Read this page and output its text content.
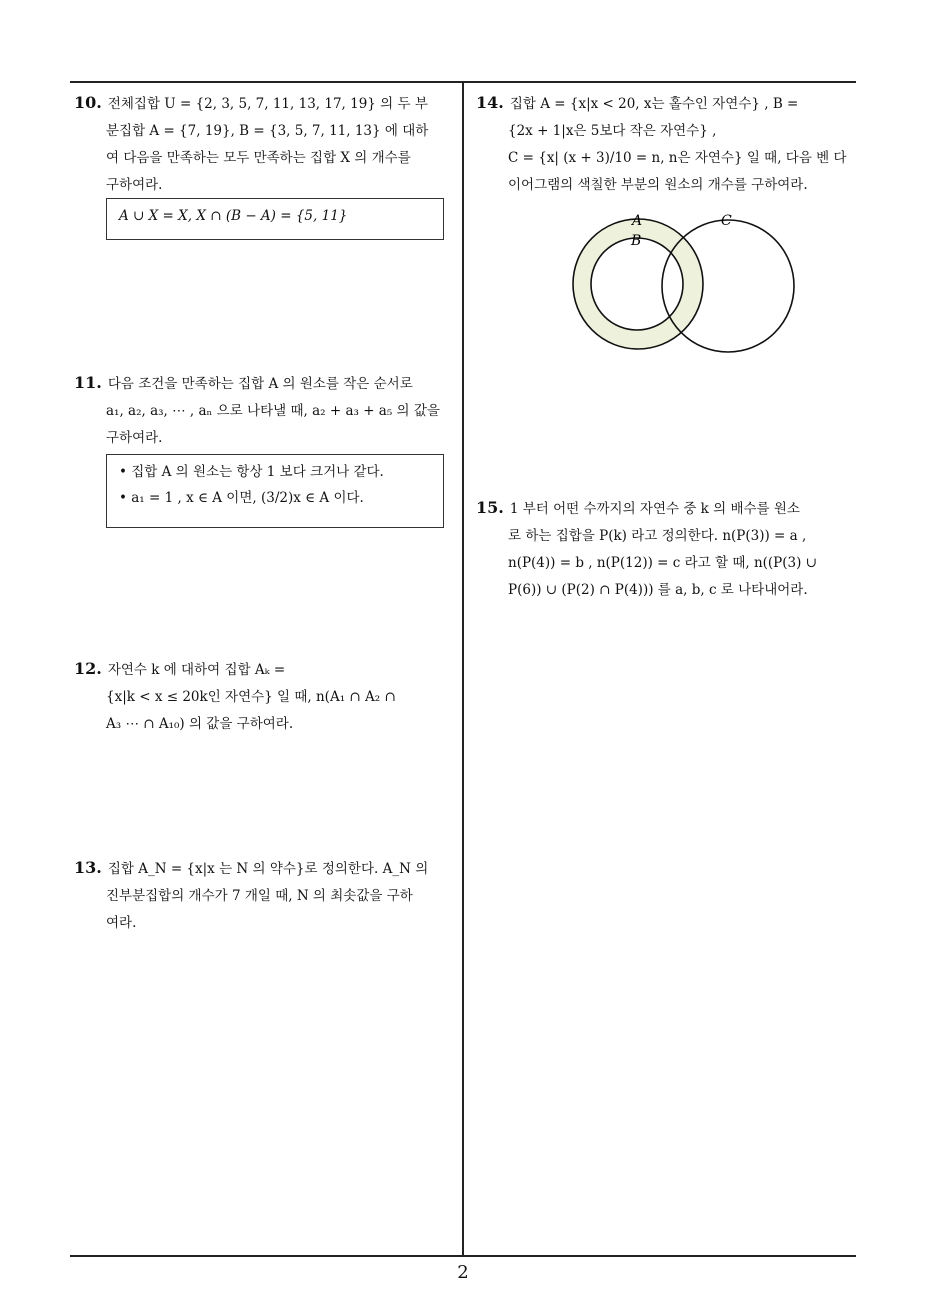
10. 전체집합 U = {2, 3, 5, 7, 11, 13, 17, 19} 의 두 부
분집합 A = {7, 19}, B = {3, 5, 7, 11, 13} 에 대하
여 다음을 만족하는 모두 만족하는 집합 X 의 개수를
구하여라.
A ∪ X = X, X ∩ (B − A) = {5, 11}
11. 다음 조건을 만족하는 집합 A 의 원소를 작은 순서로
a₁, a₂, a₃, ⋯ , aₙ 으로 나타낼 때, a₂ + a₃ + a₅ 의 값을
구하여라.
• 집합 A 의 원소는 항상 1 보다 크거나 같다.
• a₁ = 1 , x ∈ A 이면, (3/2)x ∈ A 이다.
12. 자연수 k 에 대하여 집합 Aₖ =
{x|k < x ≤ 20k인 자연수} 일 때, n(A₁ ∩ A₂ ∩
A₃ ⋯ ∩ A₁₀) 의 값을 구하여라.
13. 집합 A_N = {x|x 는 N 의 약수}로 정의한다. A_N 의
진부분집합의 개수가 7 개일 때, N 의 최솟값을 구하
여라.
14. 집합 A = {x|x < 20, x는 홀수인 자연수} , B =
{2x + 1|x은 5보다 작은 자연수} ,
C = {x| (x + 3)/10 = n, n은 자연수} 일 때, 다음 벤 다
이어그램의 색칠한 부분의 원소의 개수를 구하여라.
A
B
C
15. 1 부터 어떤 수까지의 자연수 중 k 의 배수를 원소
로 하는 집합을 P(k) 라고 정의한다. n(P(3)) = a ,
n(P(4)) = b , n(P(12)) = c 라고 할 때, n((P(3) ∪
P(6)) ∪ (P(2) ∩ P(4))) 를 a, b, c 로 나타내어라.
2
